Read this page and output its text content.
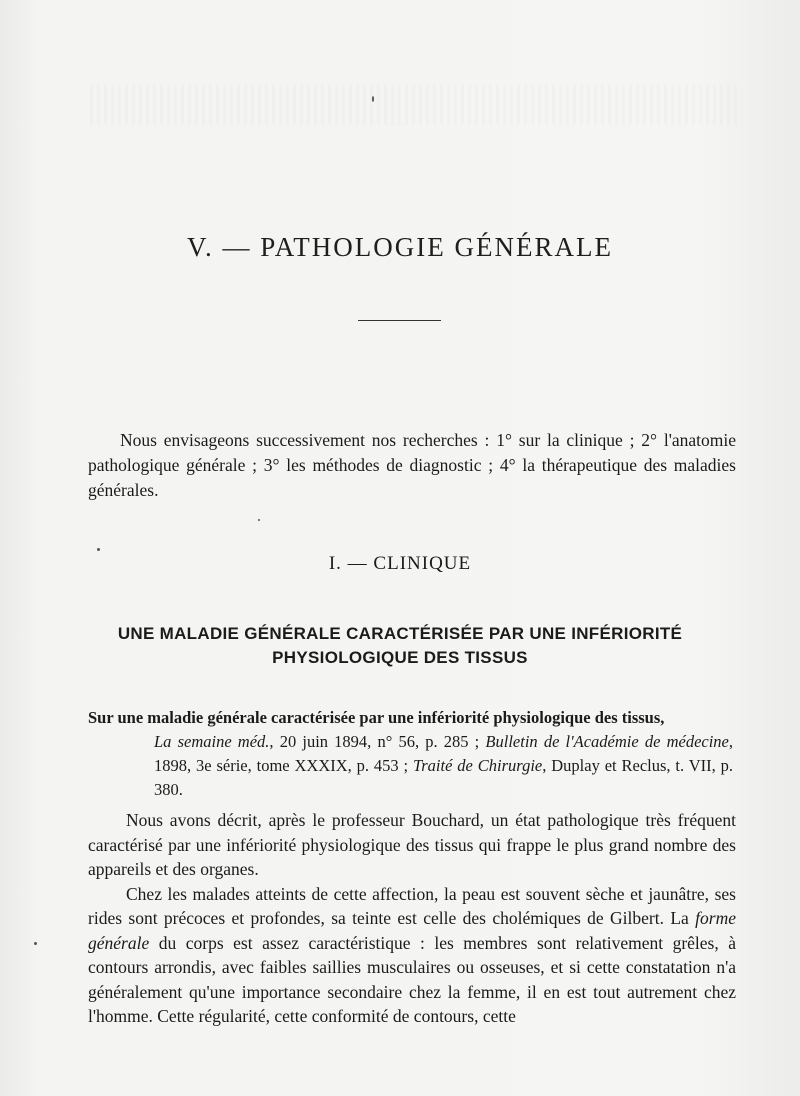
V. — PATHOLOGIE GÉNÉRALE

Nous envisageons successivement nos recherches : 1° sur la clinique ; 2° l'anatomie pathologique générale ; 3° les méthodes de diagnostic ; 4° la thérapeutique des maladies générales.

I. — CLINIQUE
UNE MALADIE GÉNÉRALE CARACTÉRISÉE PAR UNE INFÉRIORITÉ
PHYSIOLOGIQUE DES TISSUS

Sur une maladie générale caractérisée par une infériorité physiologique des tissus,
La semaine méd., 20 juin 1894, n° 56, p. 285 ; Bulletin de l'Académie de médecine, 1898, 3e série, tome XXXIX, p. 453 ; Traité de Chirurgie, Duplay et Reclus, t. VII, p. 380.

Nous avons décrit, après le professeur Bouchard, un état pathologique très fréquent caractérisé par une infériorité physiologique des tissus qui frappe le plus grand nombre des appareils et des organes.

Chez les malades atteints de cette affection, la peau est souvent sèche et jaunâtre, ses rides sont précoces et profondes, sa teinte est celle des cholémiques de Gilbert. La forme générale du corps est assez caractéristique : les membres sont relativement grêles, à contours arrondis, avec faibles saillies musculaires ou osseuses, et si cette constatation n'a généralement qu'une importance secondaire chez la femme, il en est tout autrement chez l'homme. Cette régularité, cette conformité de contours, cette
